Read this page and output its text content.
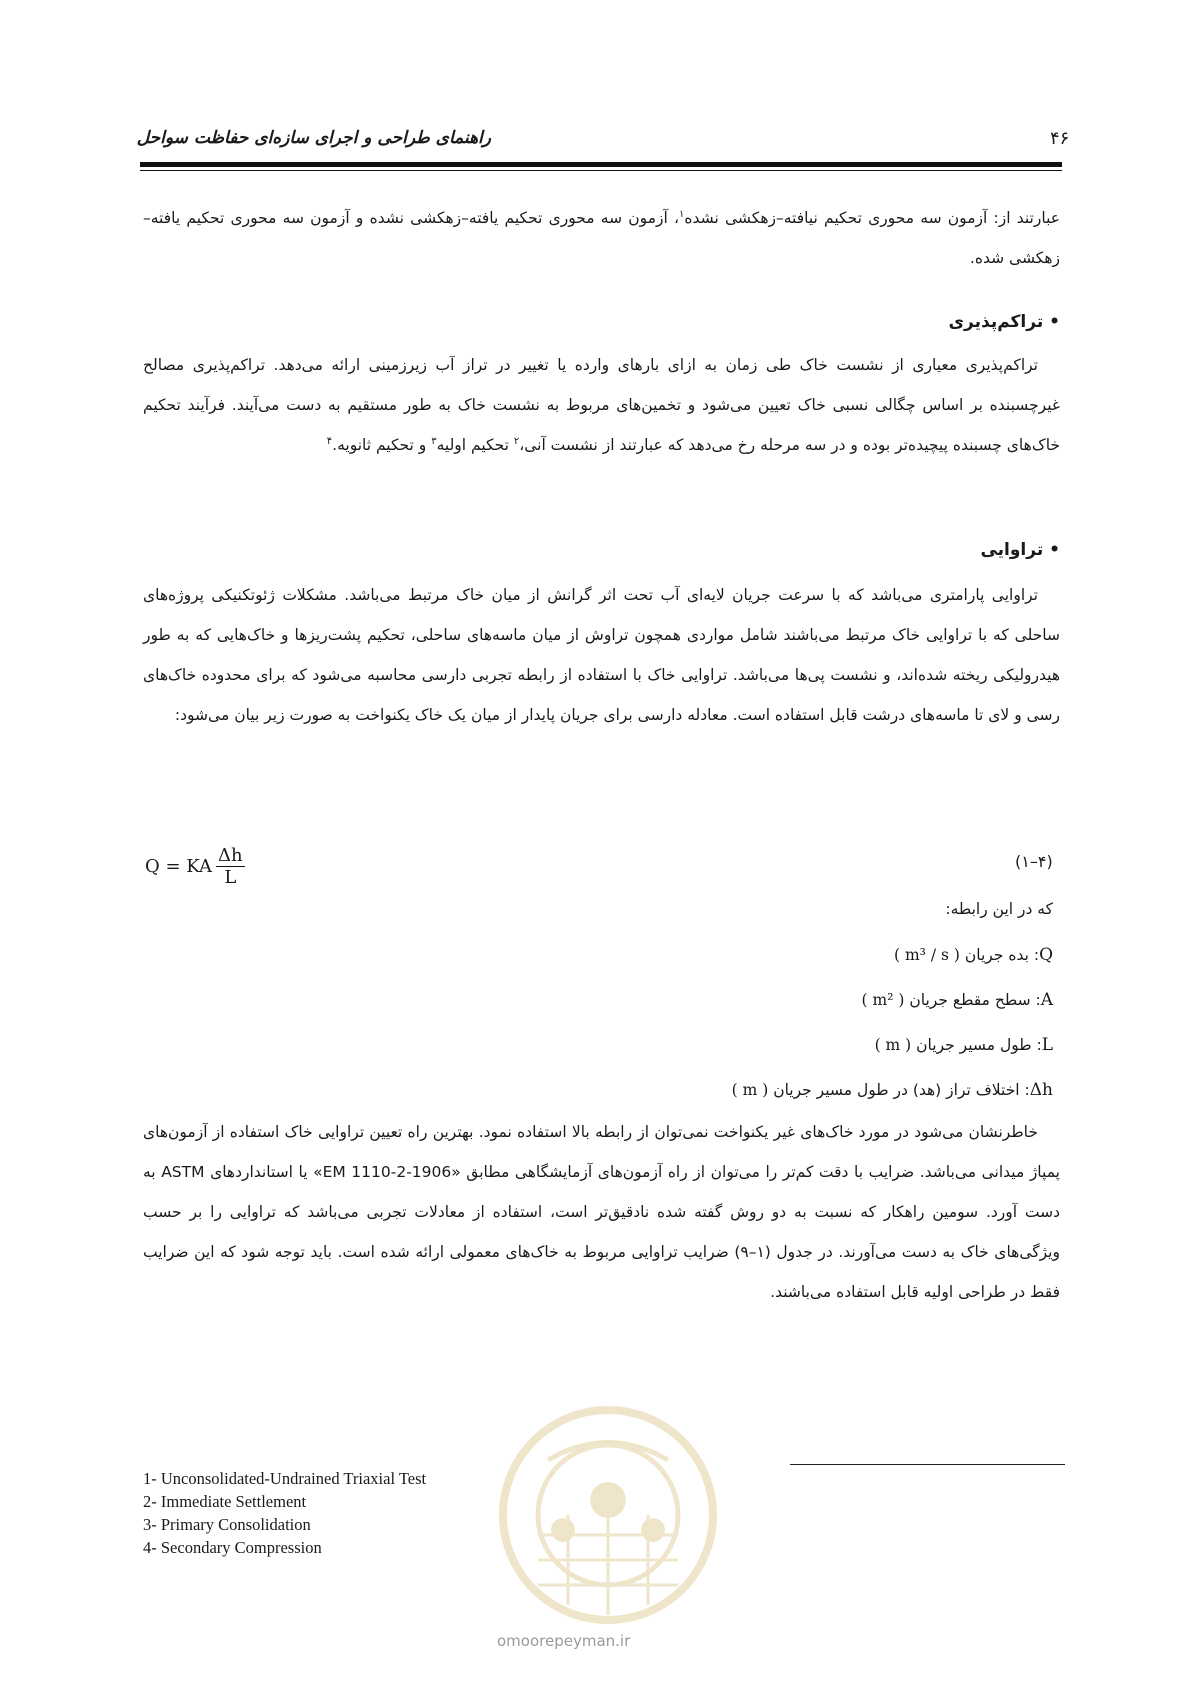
راهنمای طراحی و اجرای سازه‌ای حفاظت سواحل	۴۶
عبارتند از: آزمون سه محوری تحکیم نیافته–زهکشی نشده$^۱$، آزمون سه محوری تحکیم یافته–زهکشی نشده و آزمون سه محوری تحکیم یافته–زهکشی شده.
• تراکم‌پذیری
تراکم‌پذیری معیاری از نشست خاک طی زمان به ازای بارهای وارده یا تغییر در تراز آب زیرزمینی ارائه می‌دهد. تراکم‌پذیری مصالح غیرچسبنده بر اساس چگالی نسبی خاک تعیین می‌شود و تخمین‌های مربوط به نشست خاک به طور مستقیم به دست می‌آیند. فرآیند تحکیم خاک‌های چسبنده پیچیده‌تر بوده و در سه مرحله رخ می‌دهد که عبارتند از نشست آنی،$^۲$ تحکیم اولیه$^۳$ و تحکیم ثانویه.$^۴$
• تراوایی
تراوایی پارامتری می‌باشد که با سرعت جریان لایه‌ای آب تحت اثر گرانش از میان خاک مرتبط می‌باشد. مشکلات ژئوتکنیکی پروژه‌های ساحلی که با تراوایی خاک مرتبط می‌باشند شامل مواردی همچون تراوش از میان ماسه‌های ساحلی، تحکیم پشت‌ریزها و خاک‌هایی که به طور هیدرولیکی ریخته شده‌اند، و نشست پی‌ها می‌باشد. تراوایی خاک با استفاده از رابطه تجربی دارسی محاسبه می‌شود که برای محدوده خاک‌های رسی و لای تا ماسه‌های درشت قابل استفاده است. معادله دارسی برای جریان پایدار از میان یک خاک یکنواخت به صورت زیر بیان می‌شود:
Q = KA $\frac{\Delta h}{L}$	(۴–۱)
که در این رابطه:
Q: بده جریان ( m³ / s )
A: سطح مقطع جریان ( m² )
L: طول مسیر جریان ( m )
Δh: اختلاف تراز (هد) در طول مسیر جریان ( m )
خاطرنشان می‌شود در مورد خاک‌های غیر یکنواخت نمی‌توان از رابطه بالا استفاده نمود. بهترین راه تعیین تراوایی خاک استفاده از آزمون‌های پمپاژ میدانی می‌باشد. ضرایب با دقت کم‌تر را می‌توان از راه آزمون‌های آزمایشگاهی مطابق «EM 1110-2-1906» یا استانداردهای ASTM به دست آورد. سومین راهکار که نسبت به دو روش گفته شده نادقیق‌تر است، استفاده از معادلات تجربی می‌باشد که تراوایی را بر حسب ویژگی‌های خاک به دست می‌آورند. در جدول (۱–۹) ضرایب تراوایی مربوط به خاک‌های معمولی ارائه شده است. باید توجه شود که این ضرایب فقط در طراحی اولیه قابل استفاده می‌باشند.
omoorepeyman.ir
1- Unconsolidated-Undrained Triaxial Test
2- Immediate Settlement
3- Primary Consolidation
4- Secondary Compression
